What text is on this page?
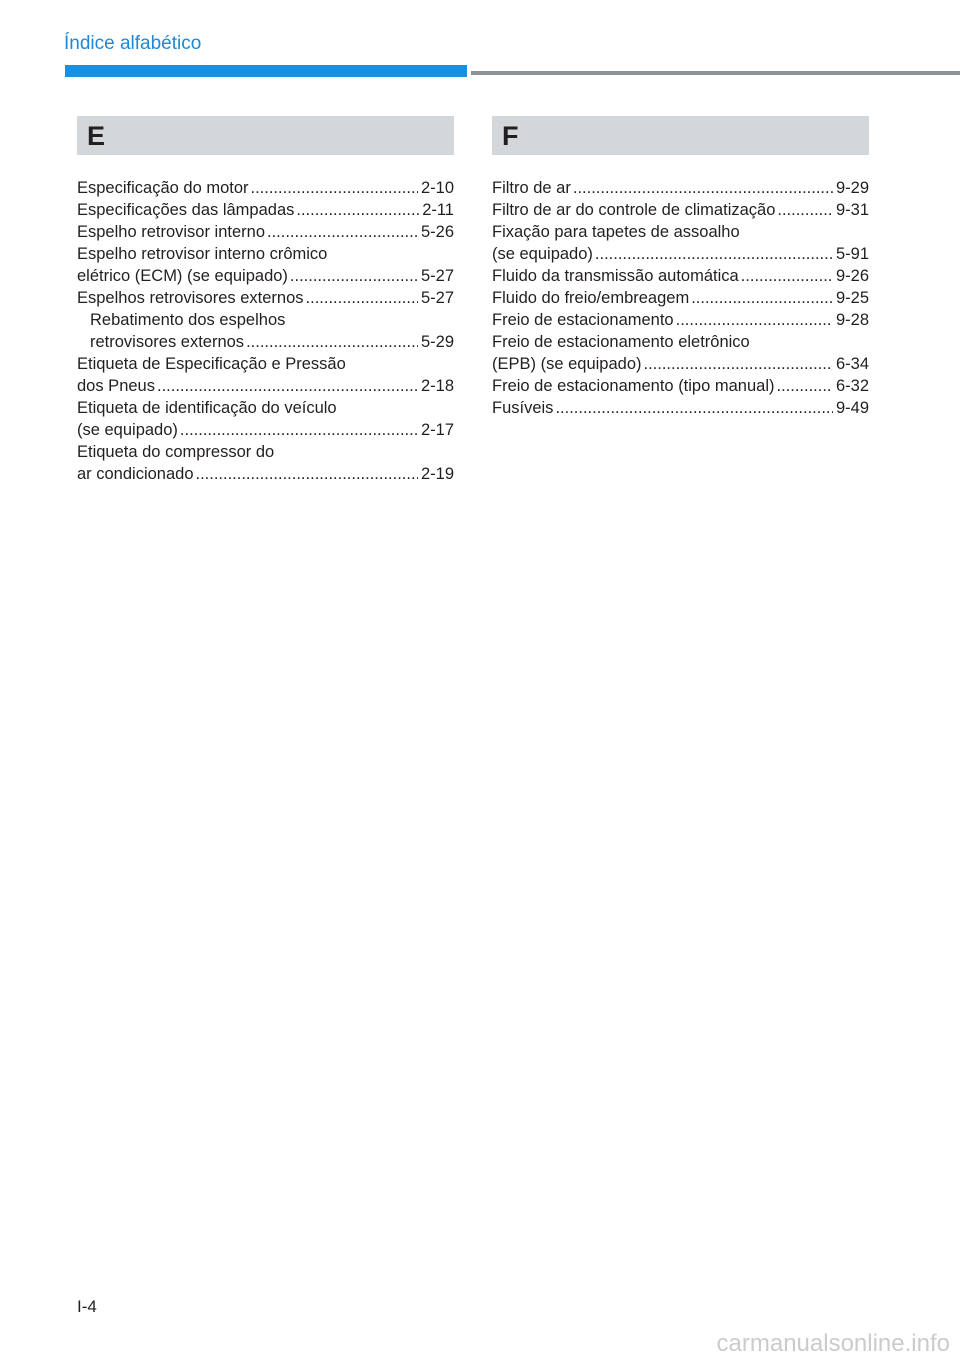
Índice alfabético
E
Especificação do motor .....	2-10
Especificações das lâmpadas .....	2-11
Espelho retrovisor interno .....	5-26
Espelho retrovisor interno crômico
elétrico (ECM) (se equipado) .....	5-27
Espelhos retrovisores externos .....	5-27
Rebatimento dos espelhos
retrovisores externos .....	5-29
Etiqueta de Especificação e Pressão
dos Pneus .....	2-18
Etiqueta de identificação do veículo
(se equipado) .....	2-17
Etiqueta do compressor do
ar condicionado .....	2-19
F
Filtro de ar .....	9-29
Filtro de ar do controle de climatização .....	9-31
Fixação para tapetes de assoalho
(se equipado) .....	5-91
Fluido da transmissão automática .....	9-26
Fluido do freio/embreagem .....	9-25
Freio de estacionamento .....	9-28
Freio de estacionamento eletrônico
(EPB) (se equipado) .....	6-34
Freio de estacionamento (tipo manual) .....	6-32
Fusíveis .....	9-49
I-4
carmanualsonline.info
